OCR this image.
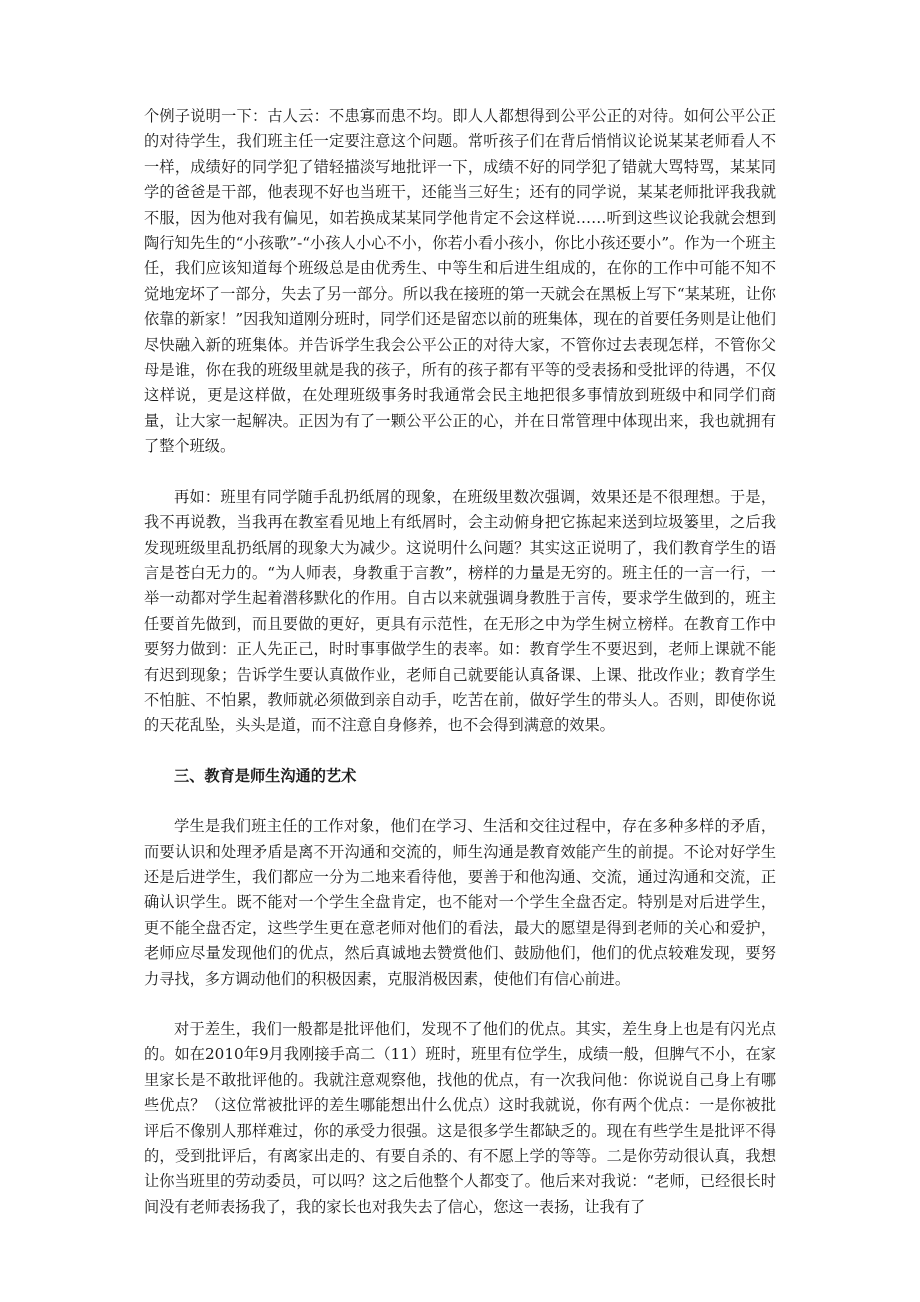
个例子说明一下：古人云：不患寡而患不均。即人人都想得到公平公正的对待。如何公平公正的对待学生，我们班主任一定要注意这个问题。常听孩子们在背后悄悄议论说某某老师看人不一样，成绩好的同学犯了错轻描淡写地批评一下，成绩不好的同学犯了错就大骂特骂，某某同学的爸爸是干部，他表现不好也当班干，还能当三好生；还有的同学说，某某老师批评我我就不服，因为他对我有偏见，如若换成某某同学他肯定不会这样说……听到这些议论我就会想到陶行知先生的“小孩歌”-“小孩人小心不小，你若小看小孩小，你比小孩还要小”。作为一个班主任，我们应该知道每个班级总是由优秀生、中等生和后进生组成的，在你的工作中可能不知不觉地宠坏了一部分，失去了另一部分。所以我在接班的第一天就会在黑板上写下“某某班，让你依靠的新家！”因我知道刚分班时，同学们还是留恋以前的班集体，现在的首要任务则是让他们尽快融入新的班集体。并告诉学生我会公平公正的对待大家，不管你过去表现怎样，不管你父母是谁，你在我的班级里就是我的孩子，所有的孩子都有平等的受表扬和受批评的待遇，不仅这样说，更是这样做，在处理班级事务时我通常会民主地把很多事情放到班级中和同学们商量，让大家一起解决。正因为有了一颗公平公正的心，并在日常管理中体现出来，我也就拥有了整个班级。

再如：班里有同学随手乱扔纸屑的现象，在班级里数次强调，效果还是不很理想。于是，我不再说教，当我再在教室看见地上有纸屑时，会主动俯身把它拣起来送到垃圾篓里，之后我发现班级里乱扔纸屑的现象大为减少。这说明什么问题？其实这正说明了，我们教育学生的语言是苍白无力的。“为人师表，身教重于言教”，榜样的力量是无穷的。班主任的一言一行，一举一动都对学生起着潜移默化的作用。自古以来就强调身教胜于言传，要求学生做到的，班主任要首先做到，而且要做的更好，更具有示范性，在无形之中为学生树立榜样。在教育工作中要努力做到：正人先正己，时时事事做学生的表率。如：教育学生不要迟到，老师上课就不能有迟到现象；告诉学生要认真做作业，老师自己就要能认真备课、上课、批改作业；教育学生不怕脏、不怕累，教师就必须做到亲自动手，吃苦在前，做好学生的带头人。否则，即使你说的天花乱坠，头头是道，而不注意自身修养，也不会得到满意的效果。

三、教育是师生沟通的艺术

学生是我们班主任的工作对象，他们在学习、生活和交往过程中，存在多种多样的矛盾，而要认识和处理矛盾是离不开沟通和交流的，师生沟通是教育效能产生的前提。不论对好学生还是后进学生，我们都应一分为二地来看待他，要善于和他沟通、交流，通过沟通和交流，正确认识学生。既不能对一个学生全盘肯定，也不能对一个学生全盘否定。特别是对后进学生，更不能全盘否定，这些学生更在意老师对他们的看法，最大的愿望是得到老师的关心和爱护，老师应尽量发现他们的优点，然后真诚地去赞赏他们、鼓励他们，他们的优点较难发现，要努力寻找，多方调动他们的积极因素，克服消极因素，使他们有信心前进。

对于差生，我们一般都是批评他们，发现不了他们的优点。其实，差生身上也是有闪光点的。如在2010年9月我刚接手高二（11）班时，班里有位学生，成绩一般，但脾气不小，在家里家长是不敢批评他的。我就注意观察他，找他的优点，有一次我问他：你说说自己身上有哪些优点？（这位常被批评的差生哪能想出什么优点）这时我就说，你有两个优点：一是你被批评后不像别人那样难过，你的承受力很强。这是很多学生都缺乏的。现在有些学生是批评不得的，受到批评后，有离家出走的、有要自杀的、有不愿上学的等等。二是你劳动很认真，我想让你当班里的劳动委员，可以吗？这之后他整个人都变了。他后来对我说：“老师，已经很长时间没有老师表扬我了，我的家长也对我失去了信心，您这一表扬，让我有了
